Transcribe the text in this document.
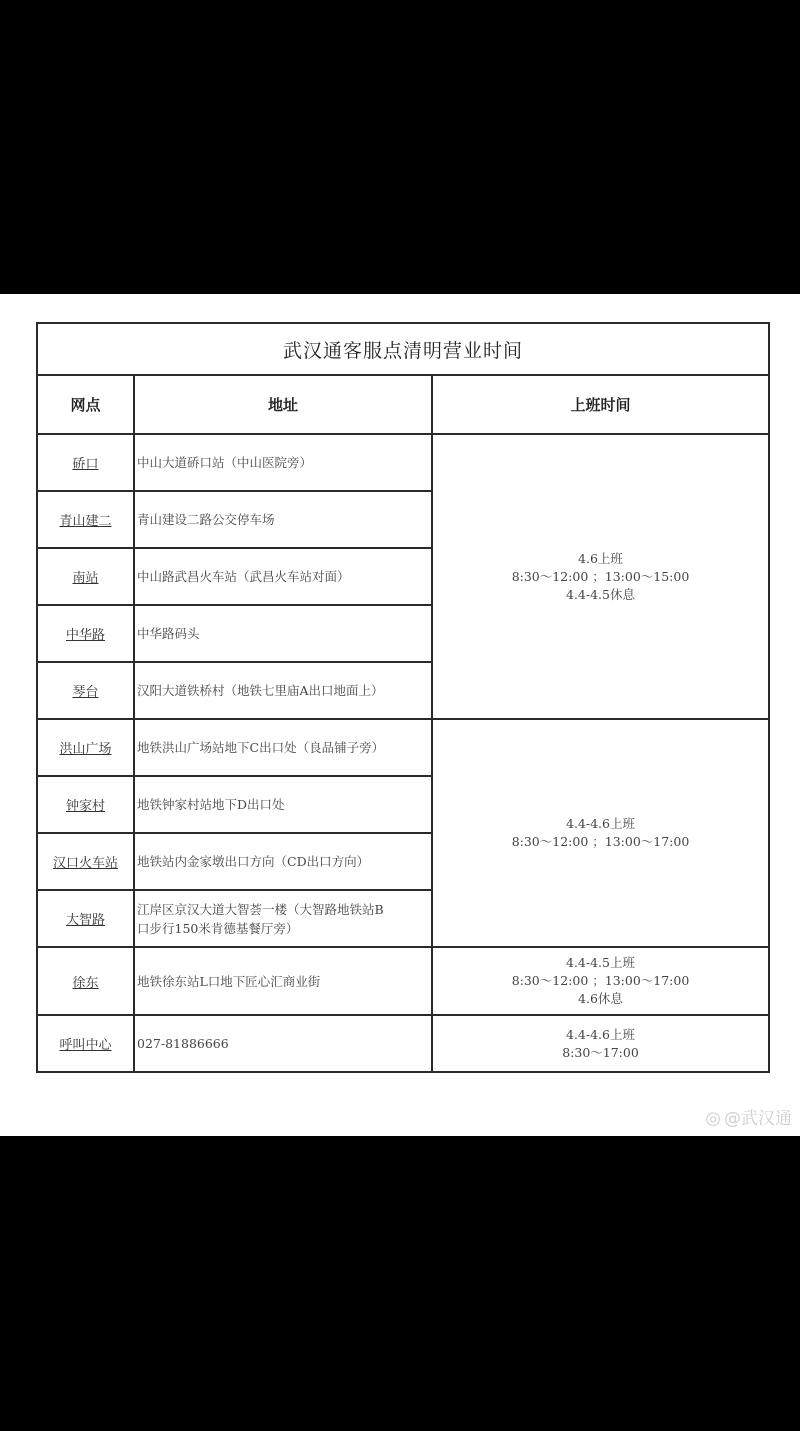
武汉通客服点清明营业时间		
网点	地址	上班时间
硚口	中山大道硚口站（中山医院旁）	4.6上班
8:30～12:00 ；13:00～15:00
4.4-4.5休息

青山建二	青山建设二路公交停车场	
南站	中山路武昌火车站（武昌火车站对面）	
中华路	中华路码头	
琴台	汉阳大道铁桥村（地铁七里庙A出口地面上）	
洪山广场	地铁洪山广场站地下C出口处（良品铺子旁）	4.4-4.6上班
8:30～12:00 ；13:00～17:00

钟家村	地铁钟家村站地下D出口处	
汉口火车站	地铁站内金家墩出口方向（CD出口方向）	
大智路	江岸区京汉大道大智荟一楼（大智路地铁站B
口步行150米肯德基餐厅旁）	

徐东	地铁徐东站L口地下匠心汇商业街	4.4-4.5上班
8:30～12:00 ；13:00～17:00
4.6休息

呼叫中心	027-81886666	4.4-4.6上班
8:30～17:00
◎ @武汉通
